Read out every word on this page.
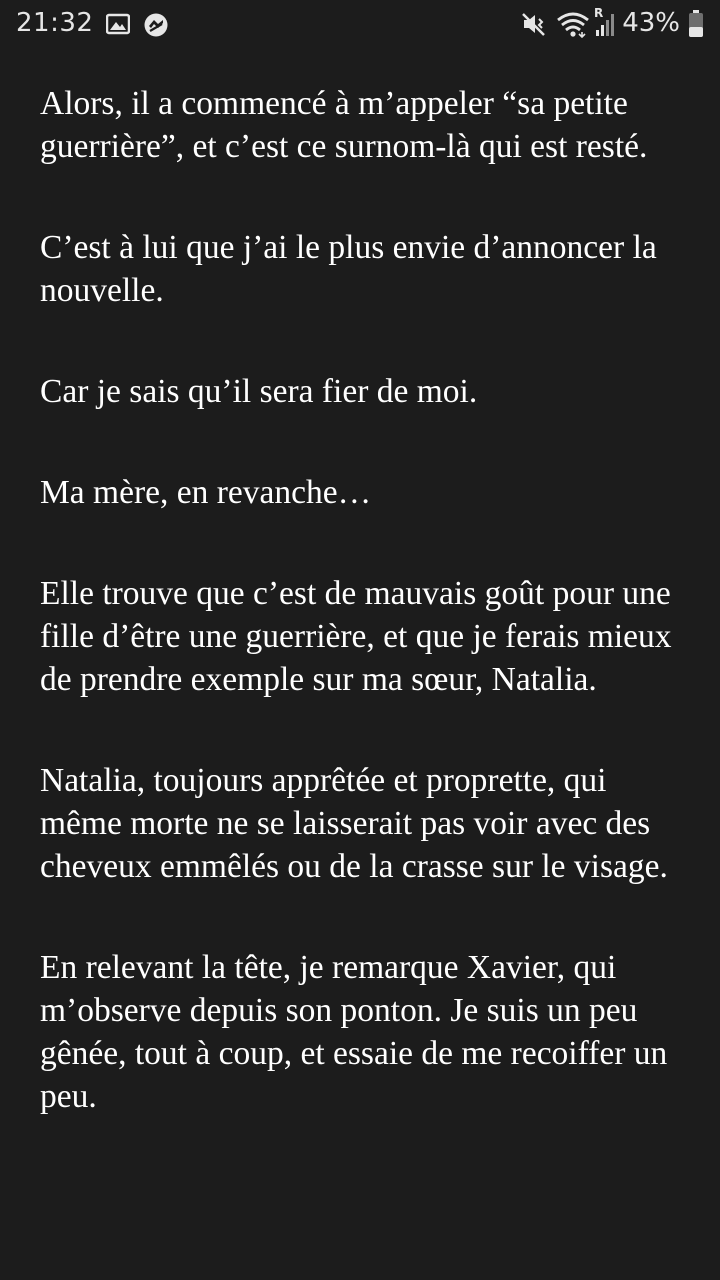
21:32	R 43%

Alors, il a commencé à m’appeler “sa petite guerrière”, et c’est ce surnom-là qui est resté.

C’est à lui que j’ai le plus envie d’annoncer la nouvelle.

Car je sais qu’il sera fier de moi.

Ma mère, en revanche…

Elle trouve que c’est de mauvais goût pour une fille d’être une guerrière, et que je ferais mieux de prendre exemple sur ma sœur, Natalia.

Natalia, toujours apprêtée et proprette, qui même morte ne se laisserait pas voir avec des cheveux emmêlés ou de la crasse sur le visage.

En relevant la tête, je remarque Xavier, qui m’observe depuis son ponton. Je suis un peu gênée, tout à coup, et essaie de me recoiffer un peu.
